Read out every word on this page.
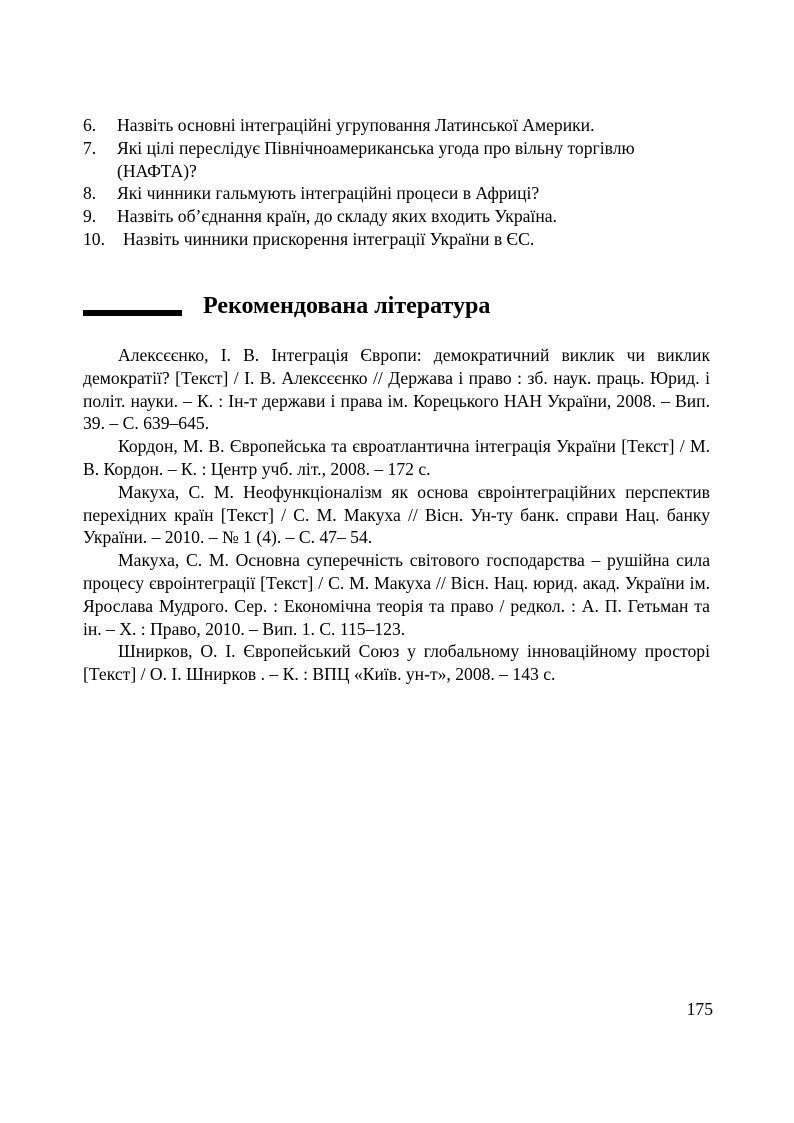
6. Назвіть основні інтеграційні угруповання Латинської Америки.
7. Які цілі переслідує Північноамериканська угода про вільну торгівлю (НАФТА)?
8. Які чинники гальмують інтеграційні процеси в Африці?
9. Назвіть об’єднання країн, до складу яких входить Україна.
10. Назвіть чинники прискорення інтеграції України в ЄС.
Рекомендована література

Алексєєнко, І. В. Інтеграція Європи: демократичний виклик чи виклик демократії? [Текст] / І. В. Алексєєнко // Держава і право : зб. наук. праць. Юрид. і політ. науки. – К. : Ін-т держави і права ім. Корецького НАН України, 2008. – Вип. 39. – С. 639–645.

Кордон, М. В. Європейська та євроатлантична інтеграція України [Текст] / М. В. Кордон. – К. : Центр учб. літ., 2008. – 172 с.

Макуха, С. М. Неофункціоналізм як основа євроінтеграційних перспектив перехідних країн [Текст] / С. М. Макуха // Вісн. Ун-ту банк. справи Нац. банку України. – 2010. – № 1 (4). – С. 47– 54.

Макуха, С. М. Основна суперечність світового господарства – рушійна сила процесу євроінтеграції [Текст] / С. М. Макуха // Вісн. Нац. юрид. акад. України ім. Ярослава Мудрого. Сер. : Економічна теорія та право / редкол. : А. П. Гетьман та ін. – Х. : Право, 2010. – Вип. 1. С. 115–123.

Шнирков, О. І. Європейський Союз у глобальному інноваційному просторі [Текст] / О. І. Шнирков . – К. : ВПЦ «Київ. ун-т», 2008. – 143 с.

175
